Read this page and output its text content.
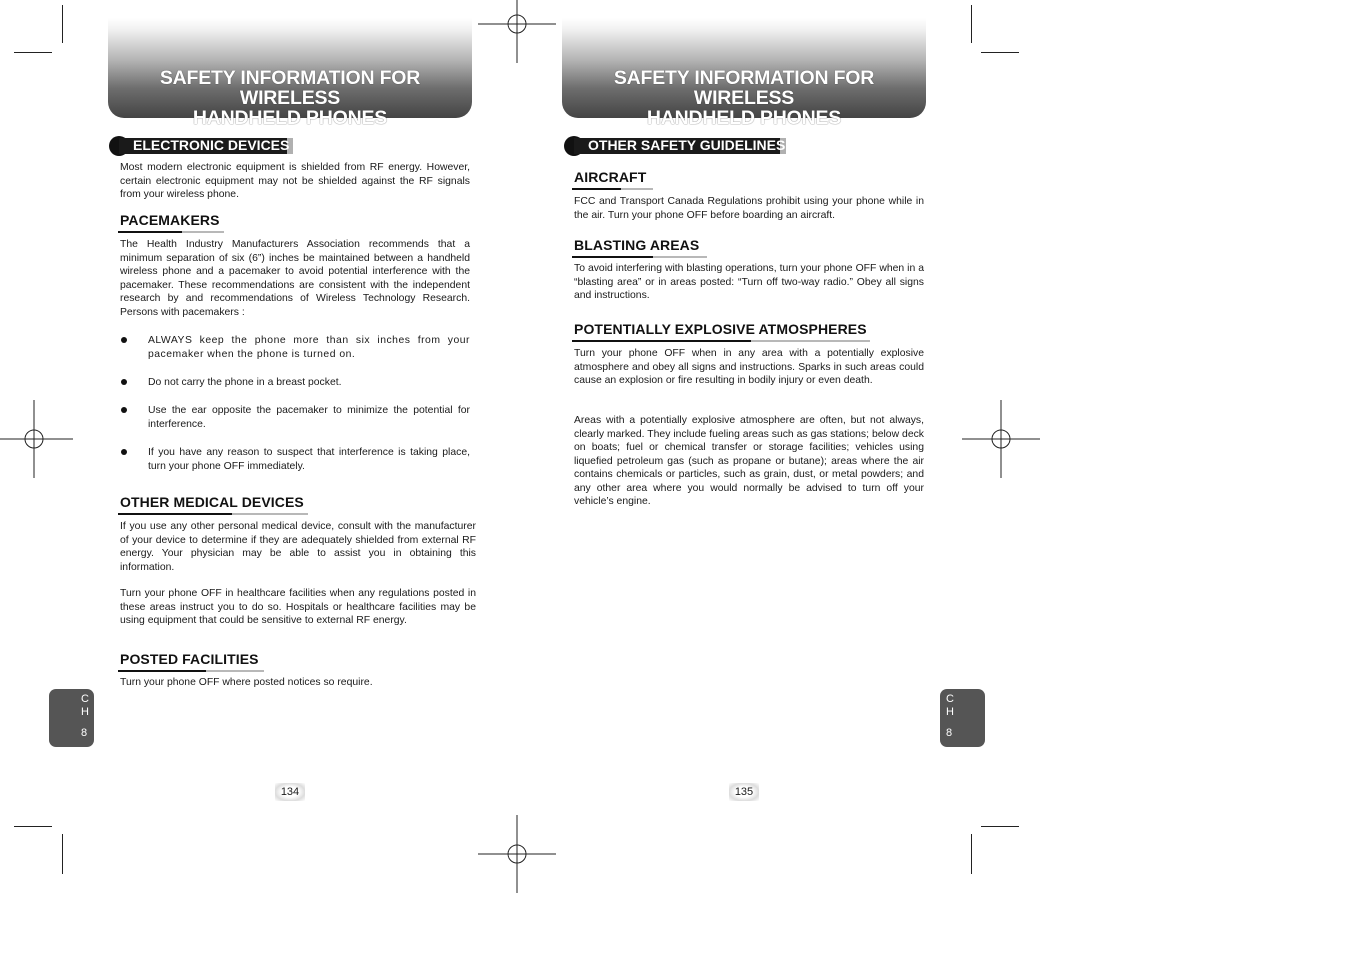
SAFETY INFORMATION FOR WIRELESS
HANDHELD PHONES
ELECTRONIC DEVICES
Most modern electronic equipment is shielded from RF energy. However, certain electronic equipment may not be shielded against the RF signals from your wireless phone.
PACEMAKERS
The Health Industry Manufacturers Association recommends that a minimum separation of six (6”) inches be maintained between a handheld wireless phone and a pacemaker to avoid potential interference with the pacemaker. These recommendations are consistent with the independent research by and recommendations of Wireless Technology Research. Persons with pacemakers :
ALWAYS keep the phone more than six inches from your pacemaker when the phone is turned on.
Do not carry the phone in a breast pocket.
Use the ear opposite the pacemaker to minimize the potential for interference.
If you have any reason to suspect that interference is taking place, turn your phone OFF immediately.
OTHER MEDICAL DEVICES
If you use any other personal medical device, consult with the manufacturer of your device to determine if they are adequately shielded from external RF energy. Your physician may be able to assist you in obtaining this information.
Turn your phone OFF in healthcare facilities when any regulations posted in these areas instruct you to do so. Hospitals or healthcare facilities may be using equipment that could be sensitive to external RF energy.
POSTED FACILITIES
Turn your phone OFF where posted notices so require.
C
H
8
134
SAFETY INFORMATION FOR WIRELESS
HANDHELD PHONES
OTHER SAFETY GUIDELINES
AIRCRAFT
FCC and Transport Canada Regulations prohibit using your phone while in the air. Turn your phone OFF before boarding an aircraft.
BLASTING AREAS
To avoid interfering with blasting operations, turn your phone OFF when in a “blasting area” or in areas posted: “Turn off two-way radio.” Obey all signs and instructions.
POTENTIALLY EXPLOSIVE ATMOSPHERES
Turn your phone OFF when in any area with a potentially explosive atmosphere and obey all signs and instructions. Sparks in such areas could cause an explosion or fire resulting in bodily injury or even death.
Areas with a potentially explosive atmosphere are often, but not always, clearly marked. They include fueling areas such as gas stations; below deck on boats; fuel or chemical transfer or storage facilities; vehicles using liquefied petroleum gas (such as propane or butane); areas where the air contains chemicals or particles, such as grain, dust, or metal powders; and any other area where you would normally be advised to turn off your vehicle’s engine.
C
H
8
135
